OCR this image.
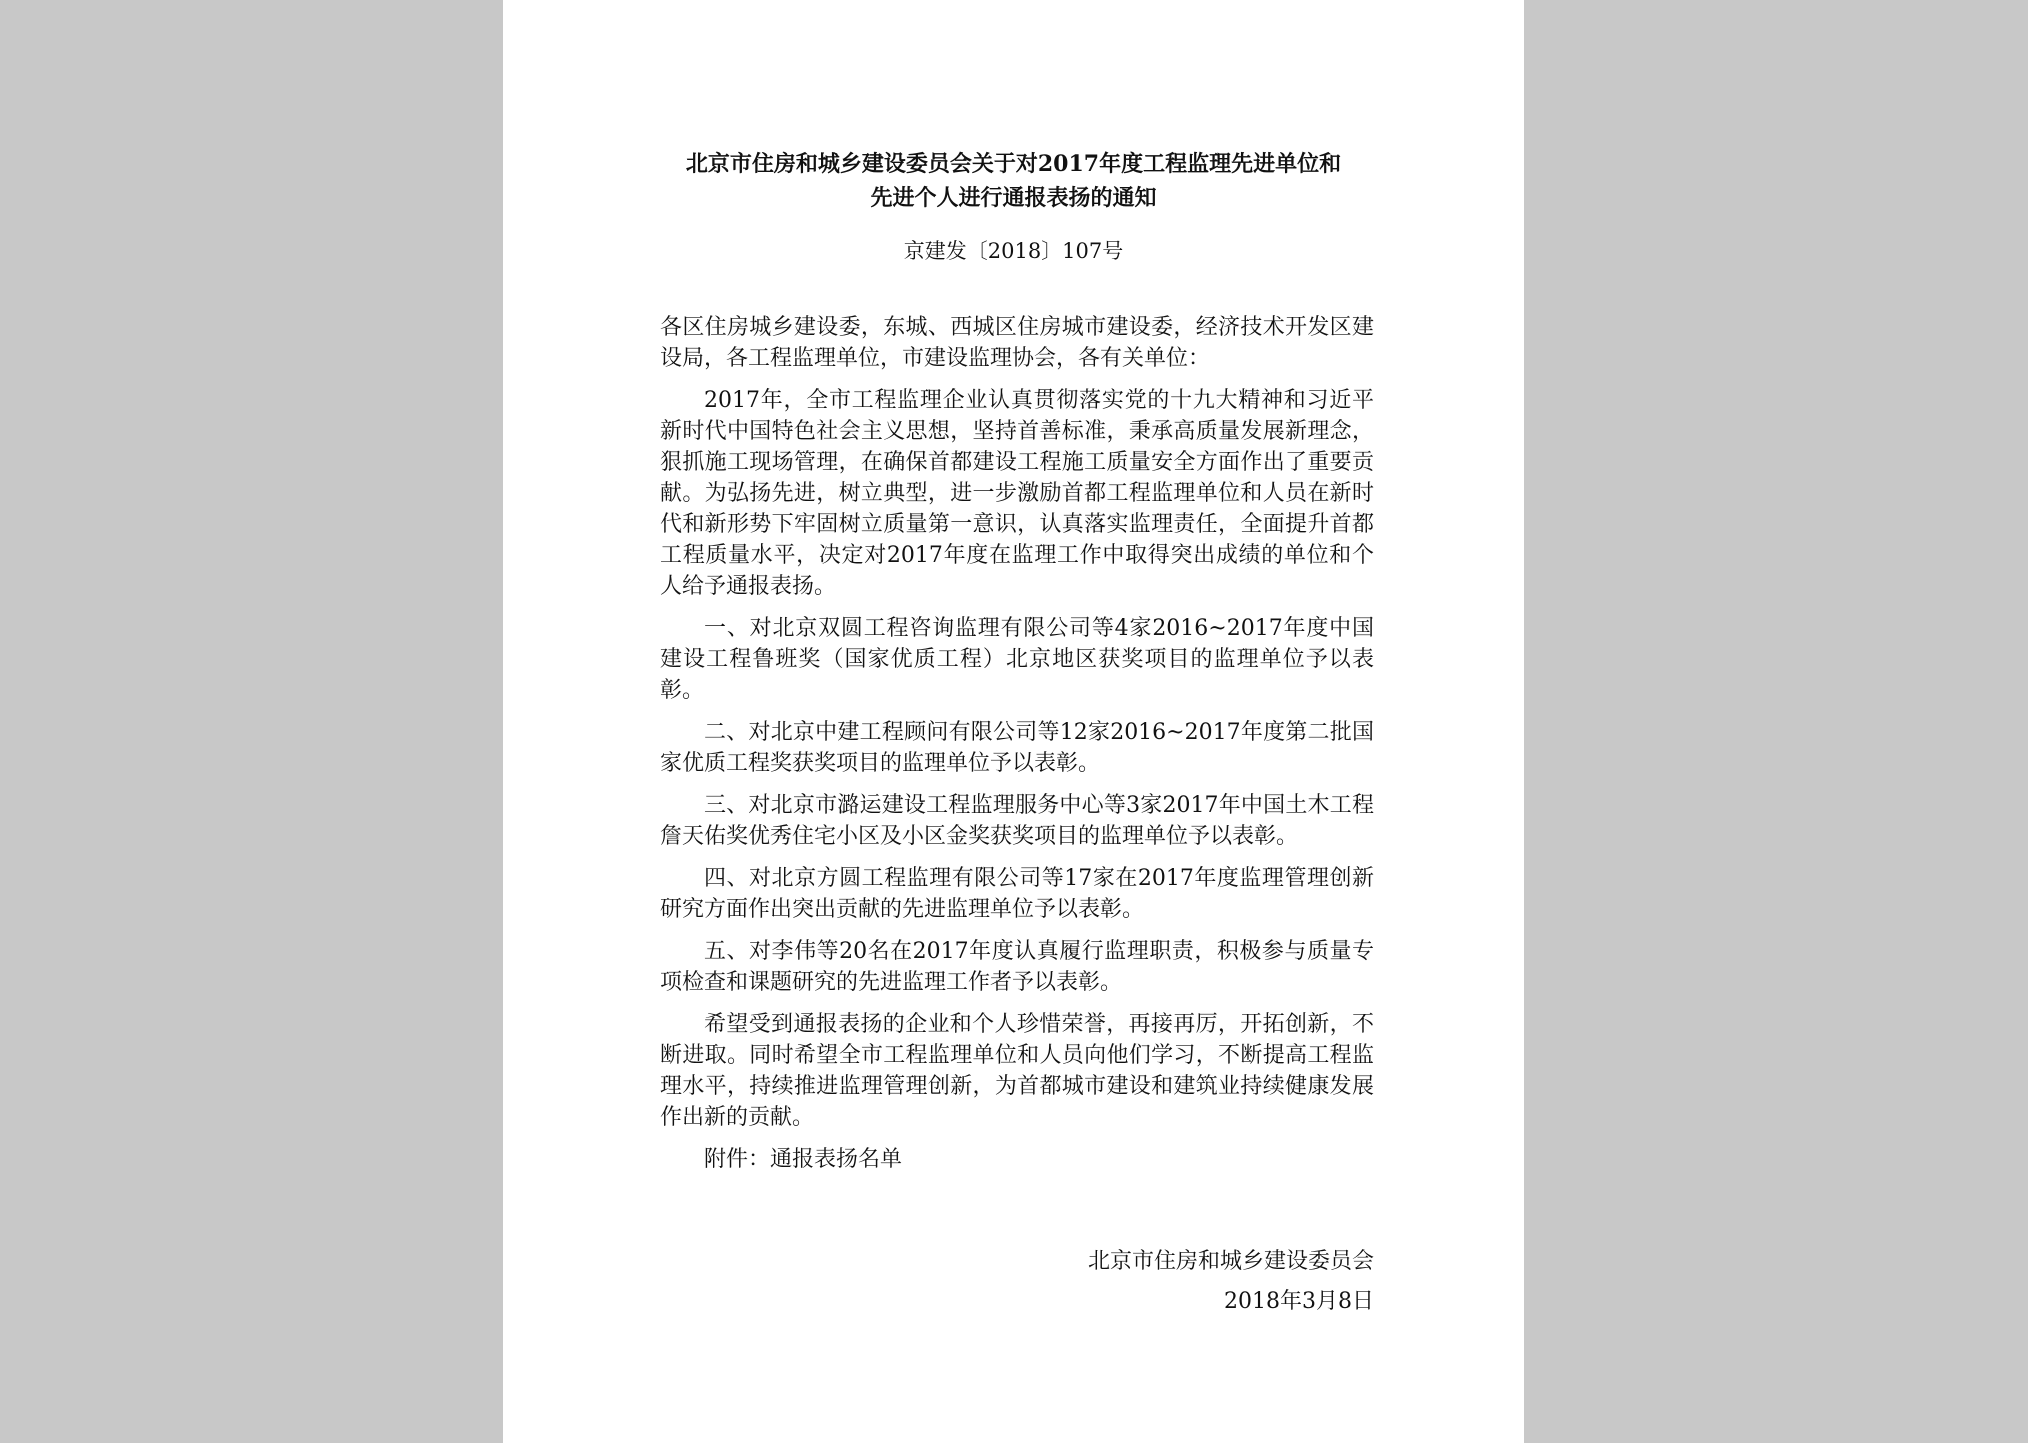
北京市住房和城乡建设委员会关于对2017年度工程监理先进单位和
先进个人进行通报表扬的通知
京建发〔2018〕107号

各区住房城乡建设委，东城、西城区住房城市建设委，经济技术开发区建设局，各工程监理单位，市建设监理协会，各有关单位：

2017年，全市工程监理企业认真贯彻落实党的十九大精神和习近平新时代中国特色社会主义思想，坚持首善标准，秉承高质量发展新理念，狠抓施工现场管理，在确保首都建设工程施工质量安全方面作出了重要贡献。为弘扬先进，树立典型，进一步激励首都工程监理单位和人员在新时代和新形势下牢固树立质量第一意识，认真落实监理责任，全面提升首都工程质量水平，决定对2017年度在监理工作中取得突出成绩的单位和个人给予通报表扬。

一、对北京双圆工程咨询监理有限公司等4家2016~2017年度中国建设工程鲁班奖（国家优质工程）北京地区获奖项目的监理单位予以表彰。

二、对北京中建工程顾问有限公司等12家2016~2017年度第二批国家优质工程奖获奖项目的监理单位予以表彰。

三、对北京市潞运建设工程监理服务中心等3家2017年中国土木工程詹天佑奖优秀住宅小区及小区金奖获奖项目的监理单位予以表彰。

四、对北京方圆工程监理有限公司等17家在2017年度监理管理创新研究方面作出突出贡献的先进监理单位予以表彰。

五、对李伟等20名在2017年度认真履行监理职责，积极参与质量专项检查和课题研究的先进监理工作者予以表彰。

希望受到通报表扬的企业和个人珍惜荣誉，再接再厉，开拓创新，不断进取。同时希望全市工程监理单位和人员向他们学习，不断提高工程监理水平，持续推进监理管理创新，为首都城市建设和建筑业持续健康发展作出新的贡献。

附件：通报表扬名单

北京市住房和城乡建设委员会
2018年3月8日
